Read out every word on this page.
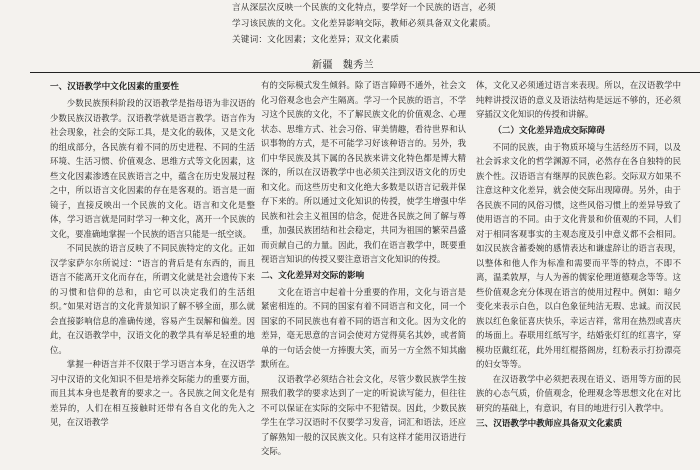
言从深层次反映一个民族的文化特点，要学好一个民族的语言，必须

学习该民族的文化。文化差异影响交际，教师必须具备双文化素质。

关键词：文化因素；文化差异；双文化素质

新疆 魏秀兰
一、汉语教学中文化因素的重要性

少数民族预科阶段的汉语教学是指母语为非汉语的少数民族汉语教学。汉语教学就是语言教学。语言作为社会现象，社会的交际工具，是文化的载体，又是文化的组成部分，各民族有着不同的历史进程、不同的生活环境、生活习惯、价值观念、思维方式等文化因素，这些文化因素渗透在民族语言之中，蕴含在历史发展过程之中，所以语言文化因素的存在是客观的。语言是一面镜子，直接反映出一个民族的文化。语言和文化是整体，学习语言就是同时学习一种文化，离开一个民族的文化，要准确地掌握一个民族的语言只能是一纸空谈。

不同民族的语言反映了不同民族特定的文化。正如汉学家萨尔尔所说过：“语言的背后是有东西的，而且语言不能离开文化而存在，所谓文化就是社会遗传下来的习惯和信仰的总和，由它可以决定我们的生活组织。”如果对语言的文化背景知识了解不够全面，那么就会直接影响信息的准确传递，容易产生误解和偏差。因此，在汉语教学中，汉语文化的教学具有举足轻重的地位。

掌握一种语言并不仅限于学习语言本身，在汉语学习中汉语的文化知识不但是培养交际能力的重要方面，而且其本身也是教育的要求之一。各民族之间文化是有差异的，人们在相互接触时还带有各自文化的先入之见，在汉语教学

有的交际模式发生倾斜。除了语言障碍不通外，社会文化习俗观念也会产生隔离。学习一个民族的语言，不学习这个民族的文化，不了解民族文化的价值观念、心理状态、思维方式、社会习俗、审美情趣，看待世界和认识事物的方式，是不可能学习好该种语言的。另外，我们中华民族及其下属的各民族来讲文化特色都是博大精深的，所以在汉语教学中也必须关注到汉语文化的历史和文化。而这些历史和文化绝大多数是以语言记载并保存下来的。所以通过文化知识的传授，使学生增强中华民族和社会主义祖国的信念，促进各民族之间了解与尊重，加强民族团结和社会稳定，共同为祖国的繁荣昌盛而贡献自己的力量。因此，我们在语言教学中，既要重视语言知识的传授又要注意语言文化知识的传授。

二、文化差异对交际的影响

文化在语言中起着十分重要的作用，文化与语言是紧密相连的。不同的国家有着不同语言和文化，同一个国家的不同民族也有着不同的语言和文化。因为文化的差异，毫无思意的言词会使对方觉得莫名其妙，或者简单的一句话会使一方捧腹大笑，而另一方全然不知其幽默所在。

汉语教学必须结合社会文化，尽管少数民族学生按照我们教学的要求达到了一定的听说读写能力，但往往不可以保证在实际的交际中不犯错误。因此，少数民族学生在学习汉语时不仅要学习发音，词汇和语法，还应了解熟知一般的汉民族文化。只有这样才能用汉语进行交际。

体，文化又必须通过语言来表现。所以，在汉语教学中纯粹讲授汉语的意义及语法结构是远远不够的，还必须穿插汉文化知识的传授和讲解。

（二）文化差异造成交际障碍

不同的民族，由于物质环境与生活经历不同，以及社会诉求文化的哲学渊源不同，必然存在各自独特的民族个性。汉语语言有继厚的民族色彩。交际双方如果不注意这种文化差异，就会使交际出现障碍。另外，由于各民族不同的风俗习惯，这些风俗习惯上的差异导致了使用语言的不同。由于文化背景和价值观的不同，人们对于相同客观事实的主观态度及引申意义都不会相同。如汉民族含蓄委婉的感情表达和谦虚辞让的语言表现，以整体和他人作为标准和需要而平等的特点，不即不离，温柔敦厚，与人为善的儒家伦理道德观念等等。这些价值观念充分体现在语言的使用过程中。例如：暗夕变化来表示白色，以白色象征纯洁无瑕、忠诚。而汉民族以红色象征喜庆快乐，幸运吉祥，常用在热烈或喜庆的场面上。春联用红纸写字，结婚张灯红的红喜字，穿模功臣戴红花，此外用红棍搭阁房，红粉表示打扮漂亮的妇女等等。

在汉语教学中必须把表现在语义、语用等方面的民族的心态气质，价值观念，伦理观念等思想文化在对比研究的基础上，有意识，有目的地进行引入教学中。

三、汉语教学中教师应具备双文化素质
